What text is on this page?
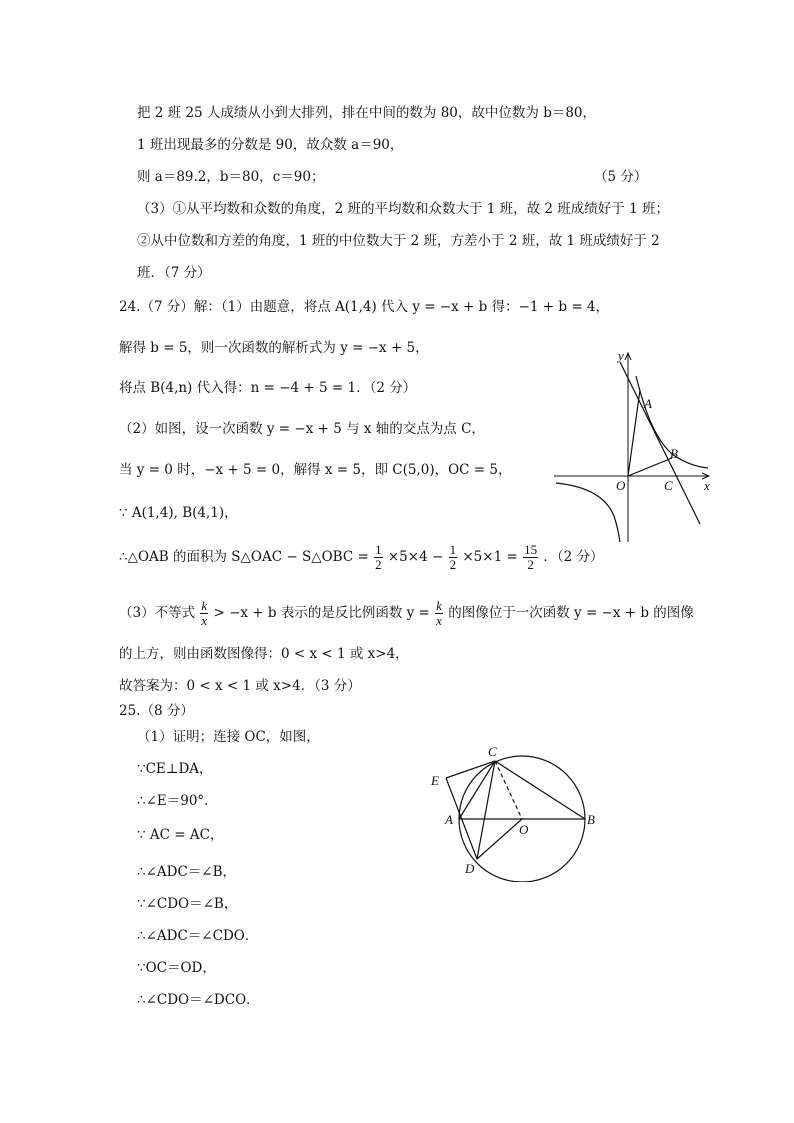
把 2 班 25 人成绩从小到大排列，排在中间的数为 80，故中位数为 b＝80，
1 班出现最多的分数是 90，故众数 a＝90，
则 a＝89.2，b＝80，c＝90；	（5 分）
（3）①从平均数和众数的角度，2 班的平均数和众数大于 1 班，故 2 班成绩好于 1 班；
②从中位数和方差的角度，1 班的中位数大于 2 班，方差小于 2 班，故 1 班成绩好于 2
班．（7 分）
24.（7 分）解：（1）由题意，将点 A(1,4) 代入 y = −x + b 得：−1 + b = 4，
解得 b = 5，则一次函数的解析式为 y = −x + 5，
将点 B(4,n) 代入得：n = −4 + 5 = 1．（2 分）
（2）如图，设一次函数 y = −x + 5 与 x 轴的交点为点 C，
当 y = 0 时，−x + 5 = 0，解得 x = 5，即 C(5,0)，OC = 5，
∵ A(1,4), B(4,1)，
∴△OAB 的面积为 S△OAC − S△OBC = $\frac{1}{2} \times 5\times 4 - \frac{1}{2} \times 5\times 1 = \frac{15}{2}$ ．（2 分）
（3）不等式 $\frac{k}{x} > -x + b$ 表示的是反比例函数 $y = \frac{k}{x}$ 的图像位于一次函数 y = −x + b 的图像
的上方，则由函数图像得：0 < x < 1 或 x>4，
故答案为：0 < x < 1 或 x>4．（3 分）
y
x
A
B
O	C
25.（8 分）
（1）证明；连接 OC，如图，
∵CE⊥DA，
∴∠E＝90°．
∵ AC = AC，
∴∠ADC＝∠B，
∵∠CDO＝∠B，
∴∠ADC＝∠CDO．
∵OC＝OD，
∴∠CDO＝∠DCO．
C
E
A
O
B
D
